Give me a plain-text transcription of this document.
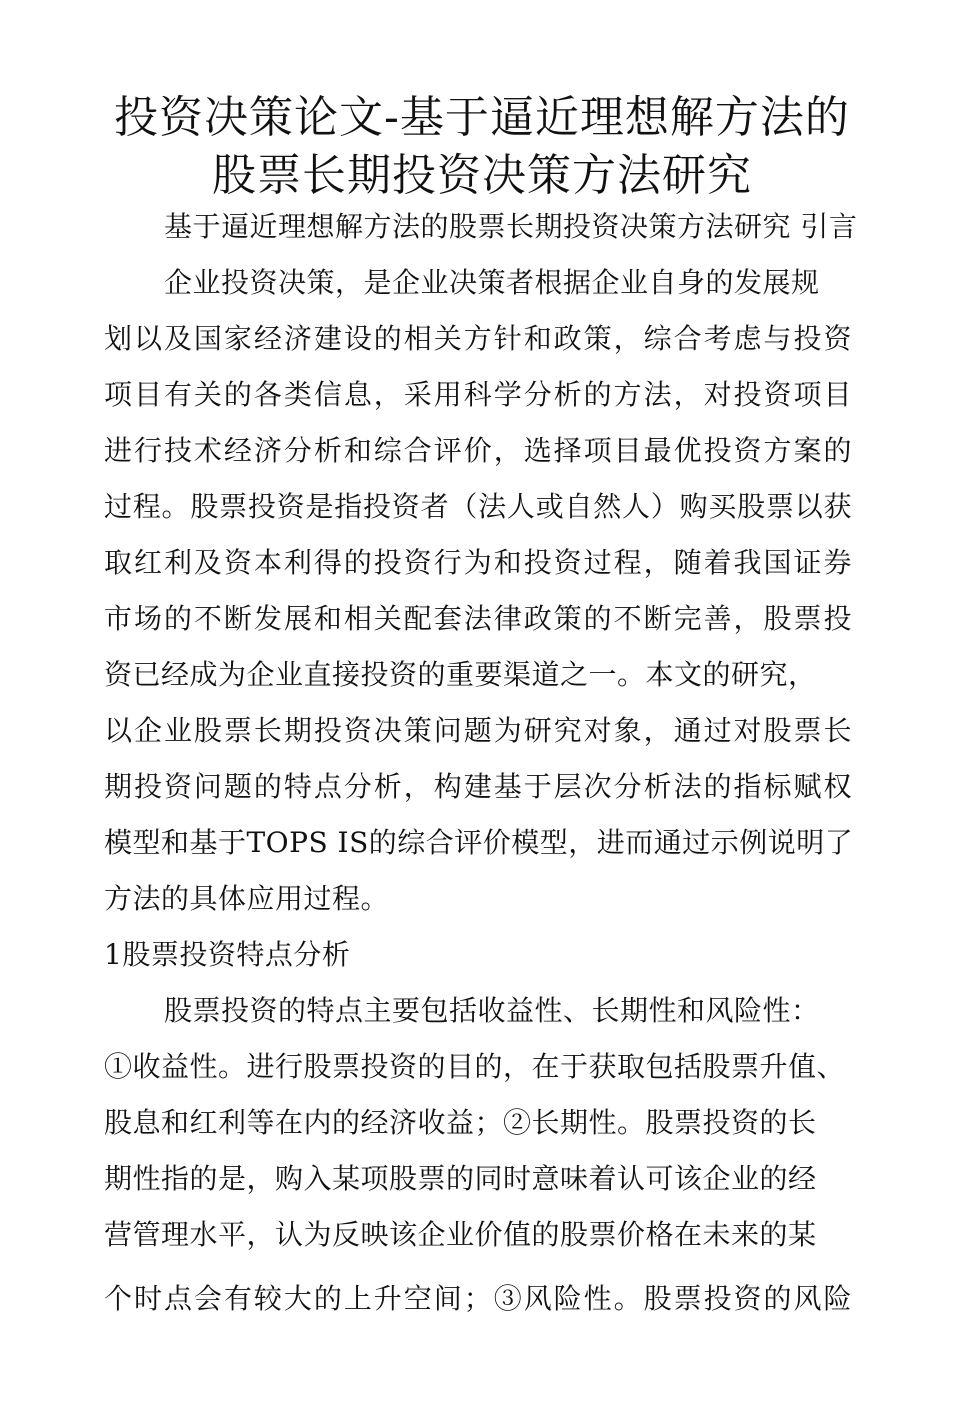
投资决策论文-基于逼近理想解方法的
股票长期投资决策方法研究
基于逼近理想解方法的股票长期投资决策方法研究 引言
企业投资决策，是企业决策者根据企业自身的发展规
划以及国家经济建设的相关方针和政策，综合考虑与投资
项目有关的各类信息，采用科学分析的方法，对投资项目
进行技术经济分析和综合评价，选择项目最优投资方案的
过程。股票投资是指投资者（法人或自然人）购买股票以获
取红利及资本利得的投资行为和投资过程，随着我国证券
市场的不断发展和相关配套法律政策的不断完善，股票投
资已经成为企业直接投资的重要渠道之一。本文的研究，
以企业股票长期投资决策问题为研究对象，通过对股票长
期投资问题的特点分析，构建基于层次分析法的指标赋权
模型和基于TOPS IS的综合评价模型，进而通过示例说明了
方法的具体应用过程。
1股票投资特点分析
股票投资的特点主要包括收益性、长期性和风险性：
①收益性。进行股票投资的目的，在于获取包括股票升值、
股息和红利等在内的经济收益；②长期性。股票投资的长
期性指的是，购入某项股票的同时意味着认可该企业的经
营管理水平，认为反映该企业价值的股票价格在未来的某
个时点会有较大的上升空间；③风险性。股票投资的风险
